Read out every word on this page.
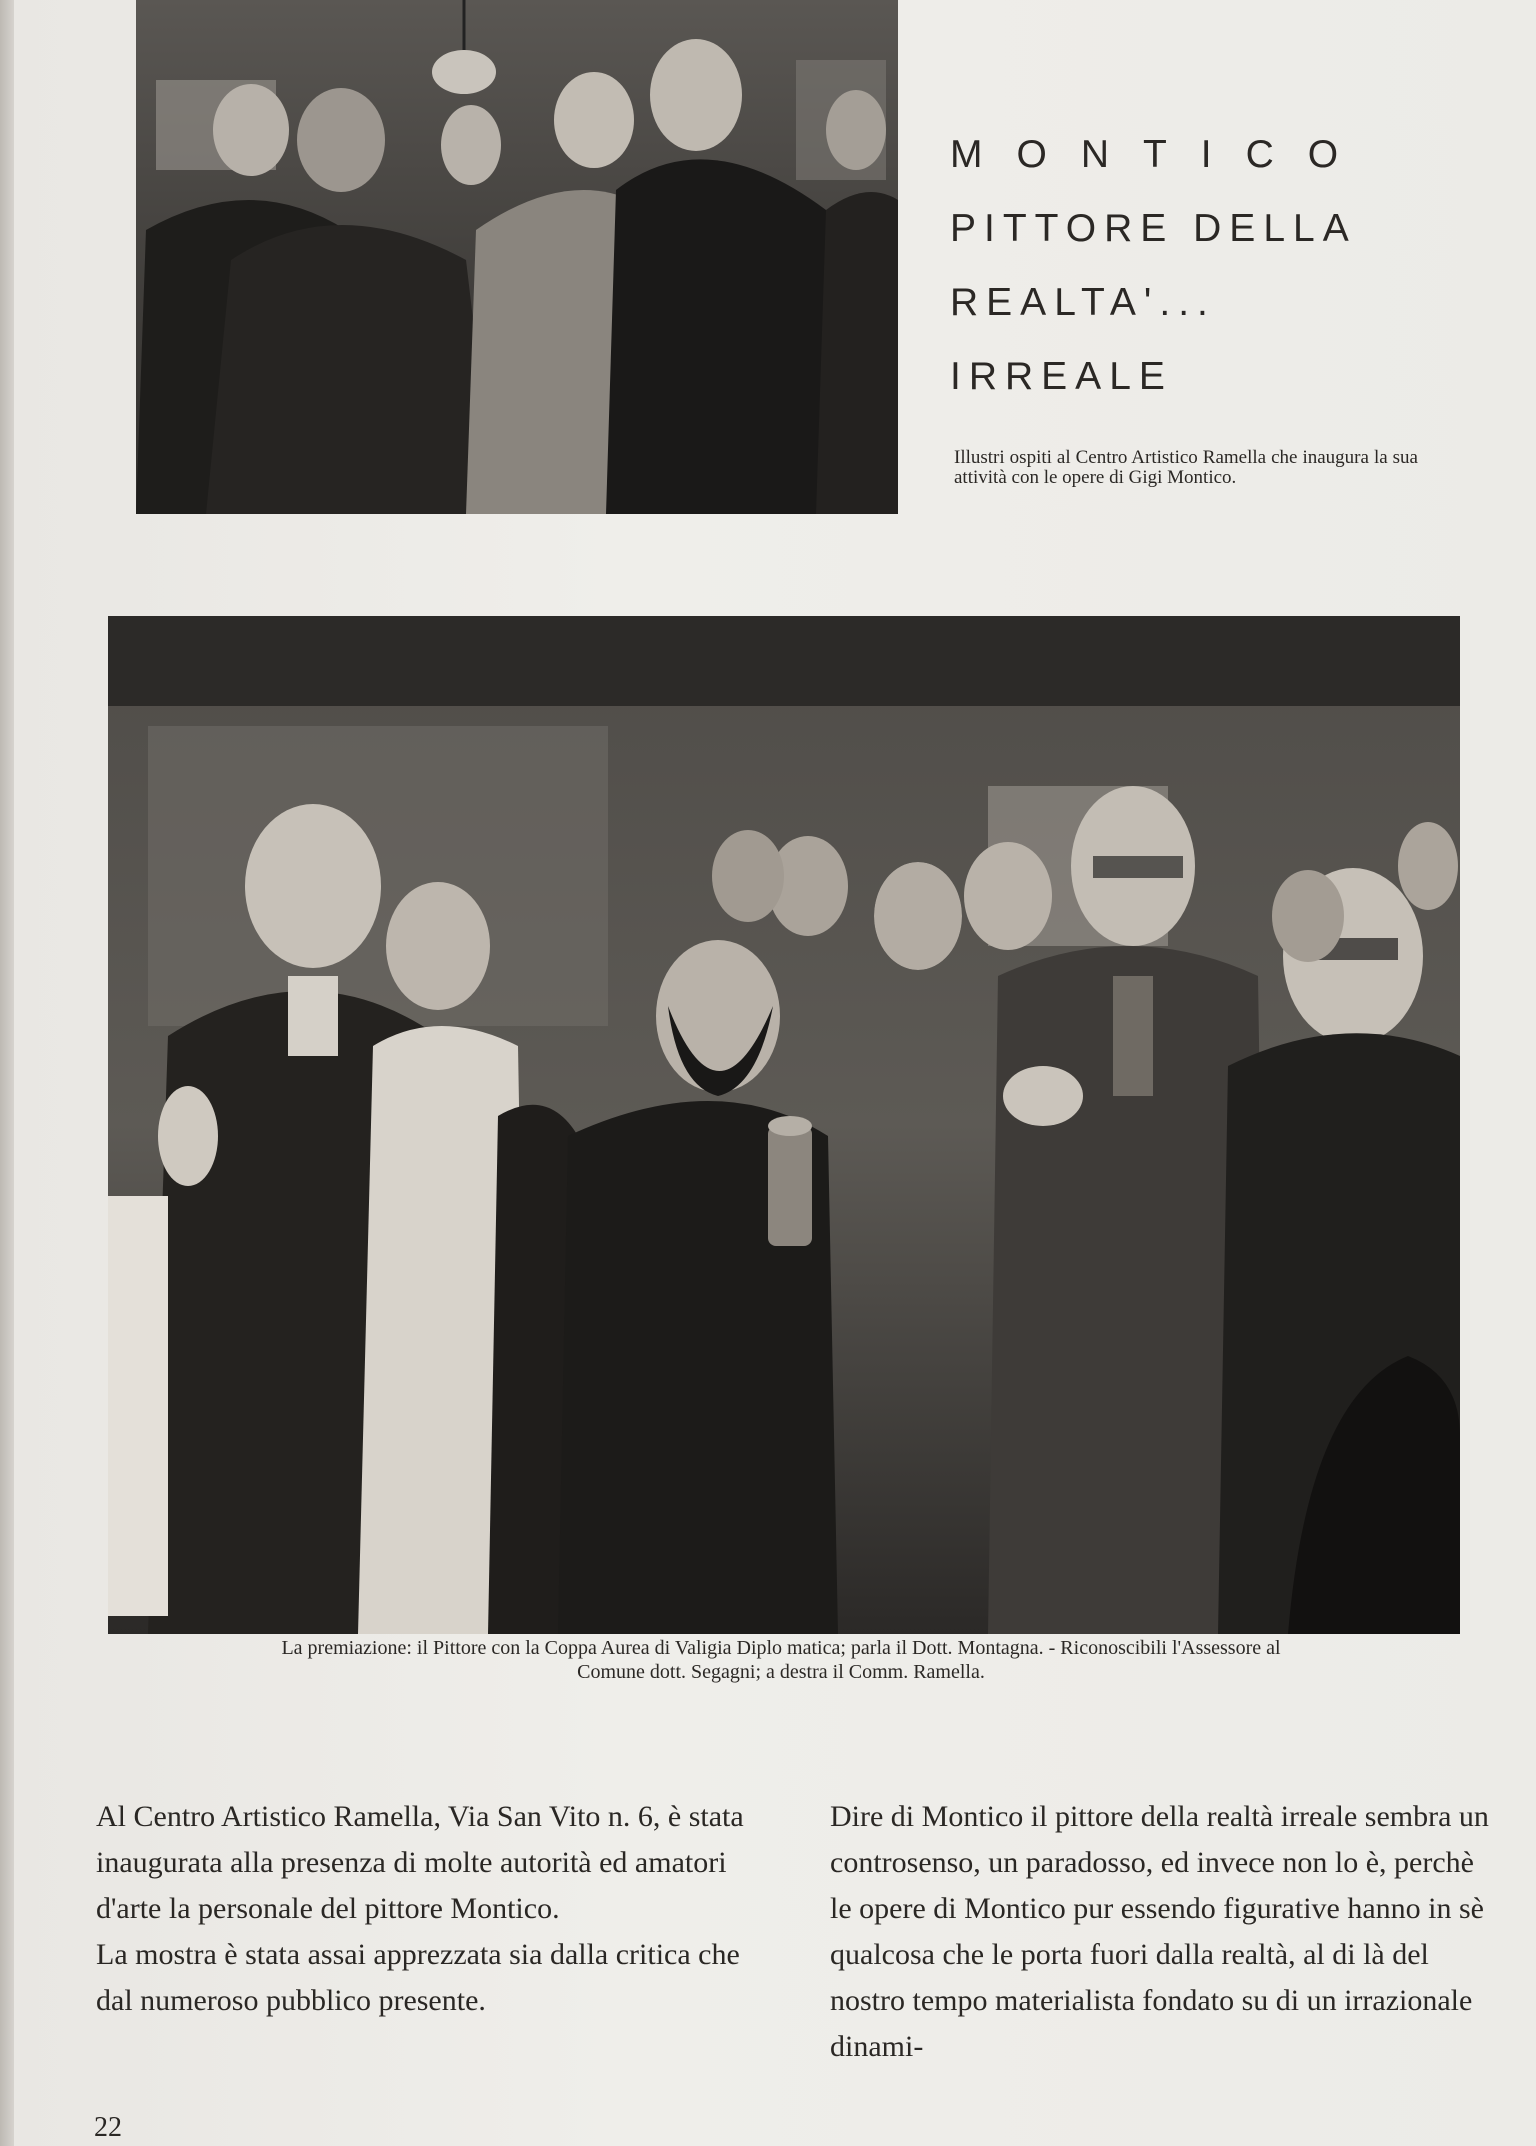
MONTICO
PITTORE DELLA
REALTA'... IRREALE
Illustri ospiti al Centro Artistico Ramella che inaugura la sua attività con le opere di Gigi Montico.
La premiazione: il Pittore con la Coppa Aurea di Valigia Diplo matica; parla il Dott. Montagna. - Riconoscibili l'Assessore al
Comune dott. Segagni; a destra il Comm. Ramella.

Al Centro Artistico Ramella, Via San Vito n. 6, è stata inaugurata alla presenza di molte autorità ed amatori d'arte la personale del pittore Montico.

La mostra è stata assai apprezzata sia dalla critica che dal numeroso pubblico presente.

Dire di Montico il pittore della realtà irreale sembra un controsenso, un paradosso, ed invece non lo è, perchè le opere di Montico pur essendo figurative hanno in sè qualcosa che le porta fuori dalla realtà, al di là del nostro tempo materialista fondato su di un irrazionale dinami-

22
